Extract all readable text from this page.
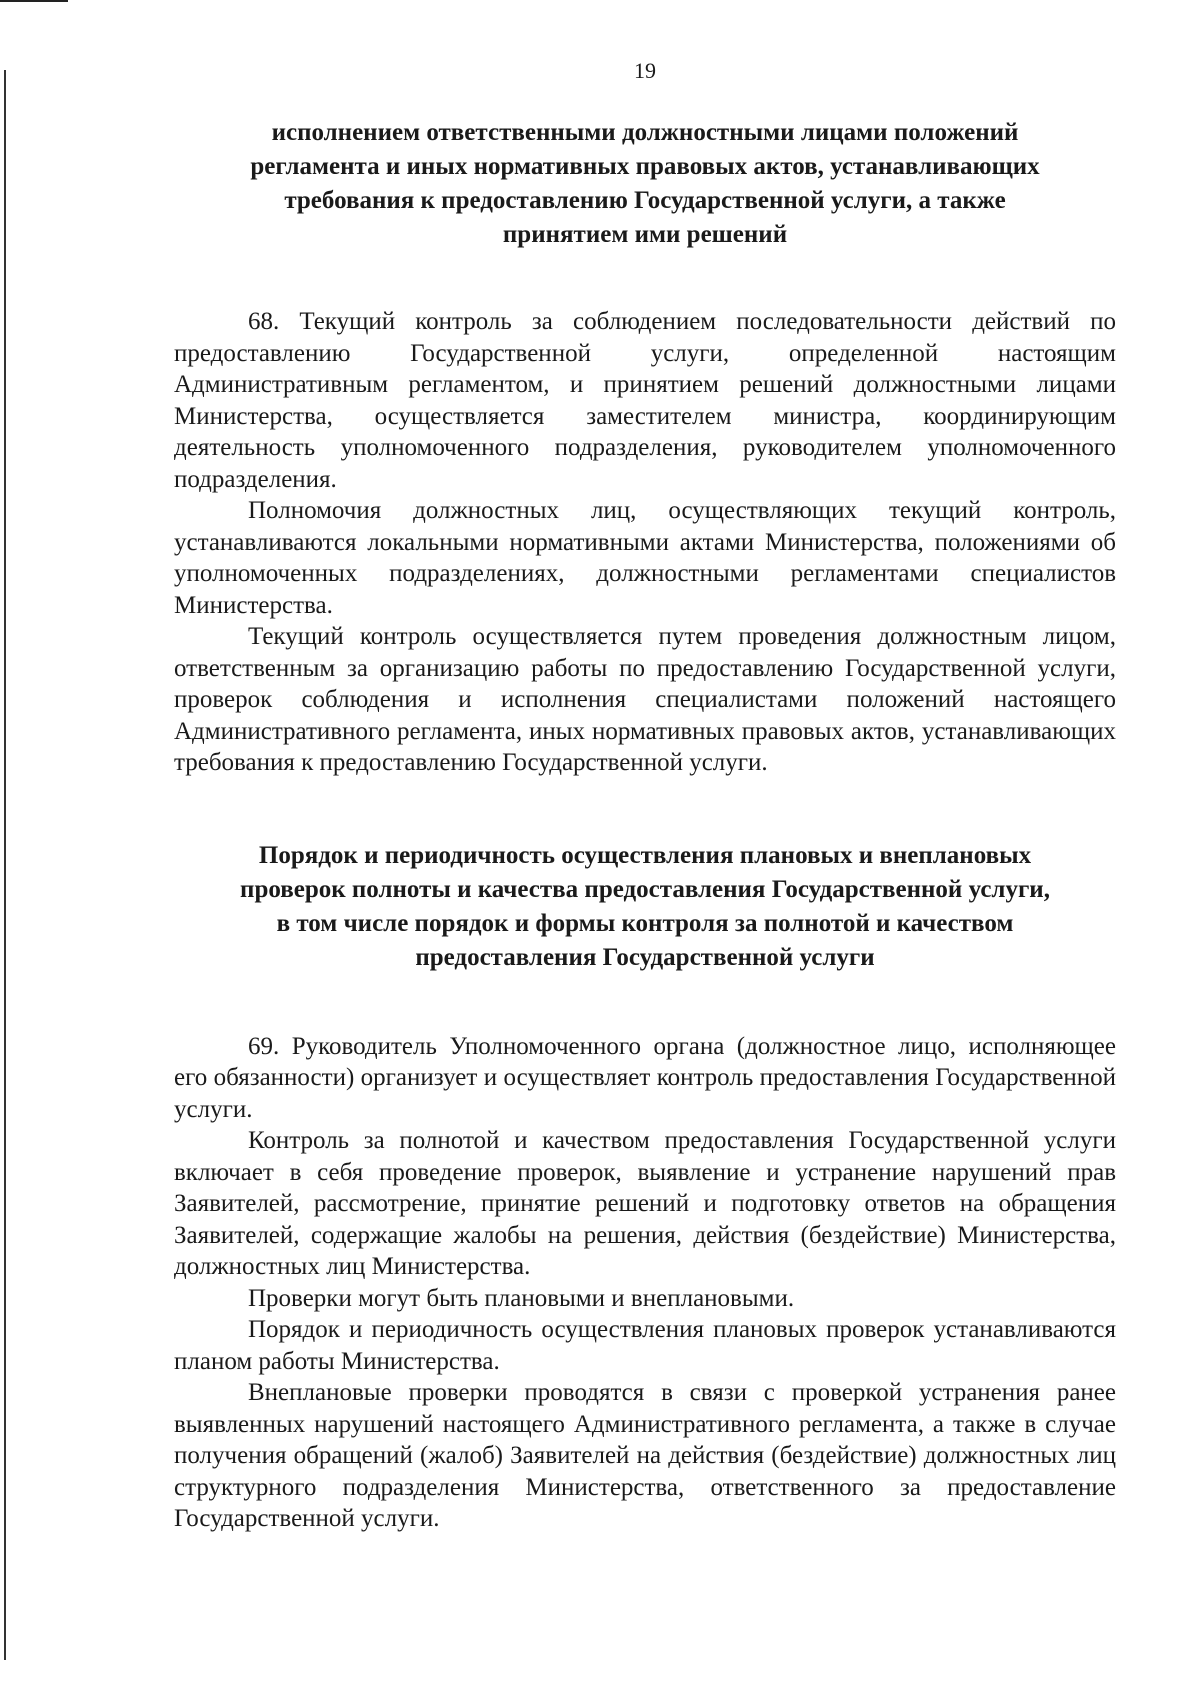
19

исполнением ответственными должностными лицами положений
регламента и иных нормативных правовых актов, устанавливающих
требования к предоставлению Государственной услуги, а также
принятием ими решений

68. Текущий контроль за соблюдением последовательности действий по предоставлению Государственной услуги, определенной настоящим Административным регламентом, и принятием решений должностными лицами Министерства, осуществляется заместителем министра, координирующим деятельность уполномоченного подразделения, руководителем уполномоченного подразделения.

Полномочия должностных лиц, осуществляющих текущий контроль, устанавливаются локальными нормативными актами Министерства, положениями об уполномоченных подразделениях, должностными регламентами специалистов Министерства.

Текущий контроль осуществляется путем проведения должностным лицом, ответственным за организацию работы по предоставлению Государственной услуги, проверок соблюдения и исполнения специалистами положений настоящего Административного регламента, иных нормативных правовых актов, устанавливающих требования к предоставлению Государственной услуги.

Порядок и периодичность осуществления плановых и внеплановых
проверок полноты и качества предоставления Государственной услуги,
в том числе порядок и формы контроля за полнотой и качеством
предоставления Государственной услуги

69. Руководитель Уполномоченного органа (должностное лицо, исполняющее его обязанности) организует и осуществляет контроль предоставления Государственной услуги.

Контроль за полнотой и качеством предоставления Государственной услуги включает в себя проведение проверок, выявление и устранение нарушений прав Заявителей, рассмотрение, принятие решений и подготовку ответов на обращения Заявителей, содержащие жалобы на решения, действия (бездействие) Министерства, должностных лиц Министерства.

Проверки могут быть плановыми и внеплановыми.

Порядок и периодичность осуществления плановых проверок устанавливаются планом работы Министерства.

Внеплановые проверки проводятся в связи с проверкой устранения ранее выявленных нарушений настоящего Административного регламента, а также в случае получения обращений (жалоб) Заявителей на действия (бездействие) должностных лиц структурного подразделения Министерства, ответственного за предоставление Государственной услуги.
